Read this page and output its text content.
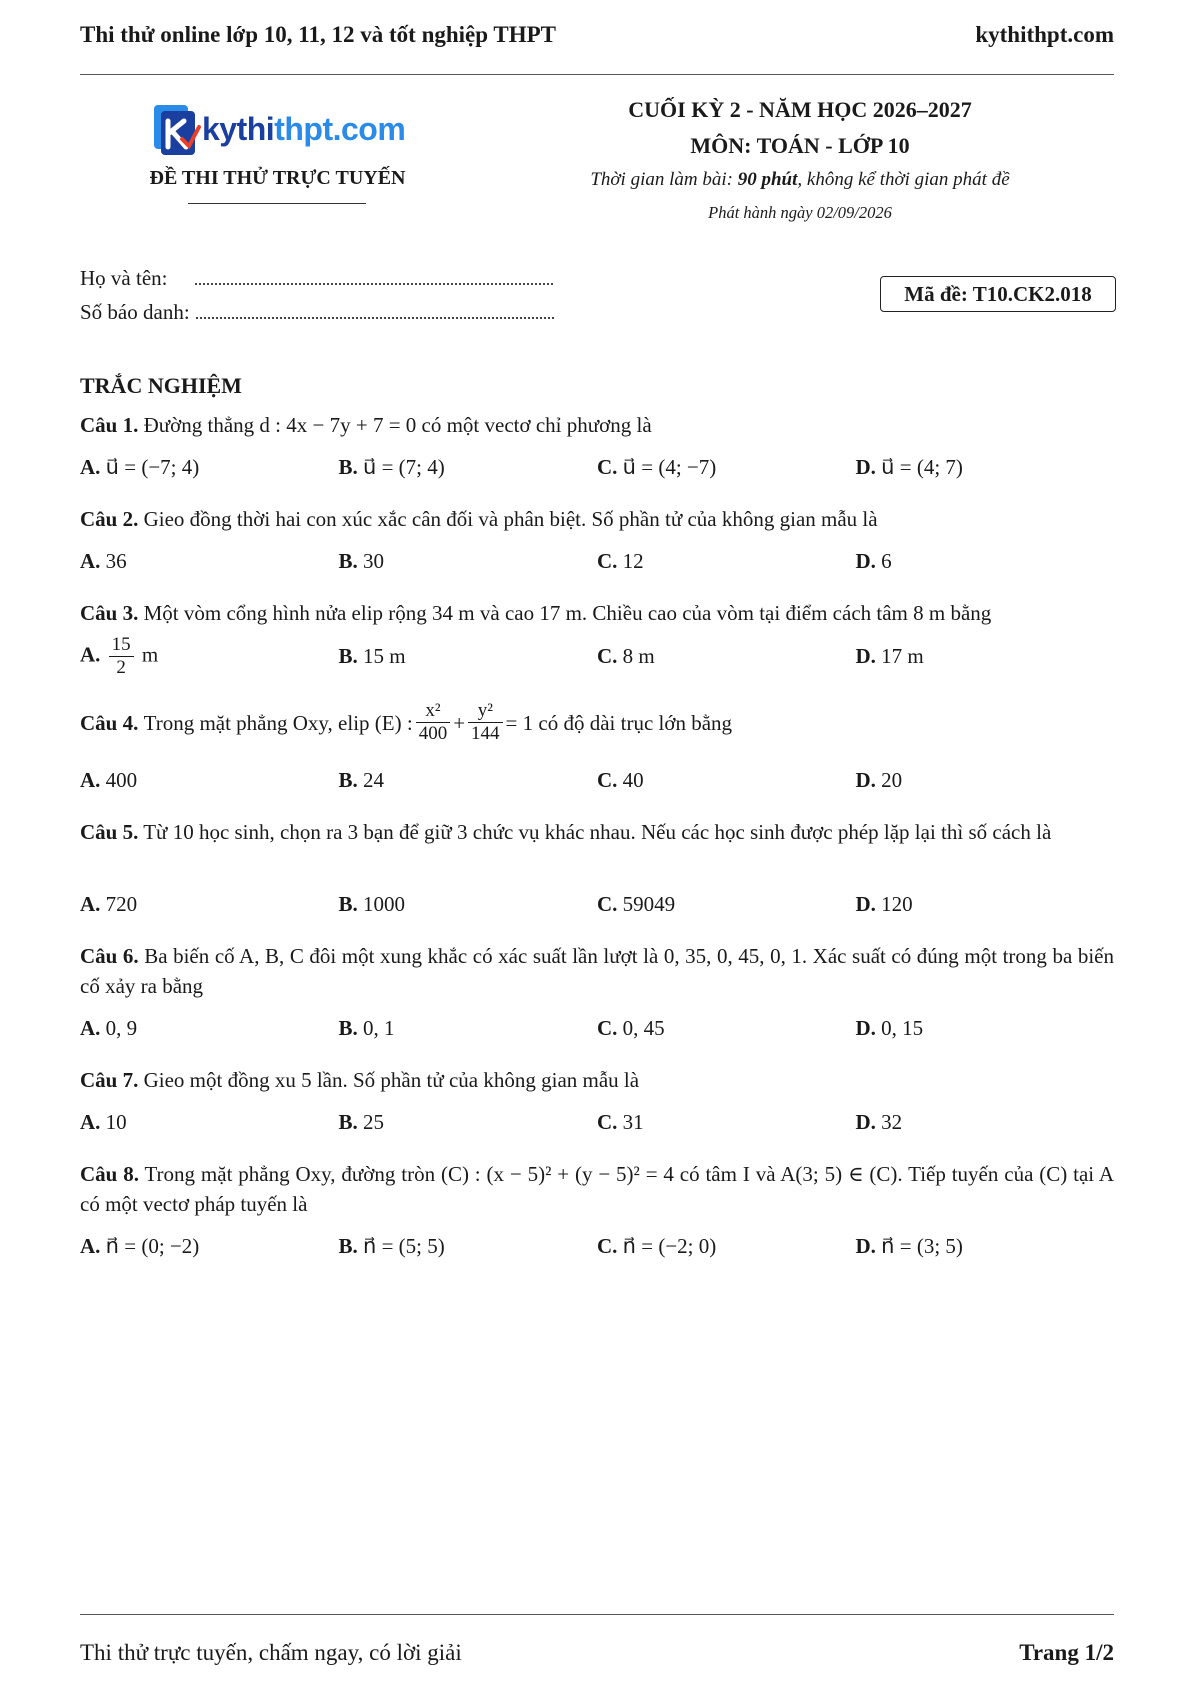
Thi thử online lớp 10, 11, 12 và tốt nghiệp THPT	kythithpt.com
kythithpt.com
ĐỀ THI THỬ TRỰC TUYẾN
CUỐI KỲ 2 - NĂM HỌC 2026–2027
MÔN: TOÁN - LỚP 10
Thời gian làm bài: 90 phút, không kể thời gian phát đề
Phát hành ngày 02/09/2026
Họ và tên:
Số báo danh:
Mã đề: T10.CK2.018
TRẮC NGHIỆM
Câu 1. Đường thẳng d : 4x − 7y + 7 = 0 có một vectơ chỉ phương là
A. u⃗ = (−7; 4)	B. u⃗ = (7; 4)	C. u⃗ = (4; −7)	D. u⃗ = (4; 7)
Câu 2. Gieo đồng thời hai con xúc xắc cân đối và phân biệt. Số phần tử của không gian mẫu là
A. 36	B. 30	C. 12	D. 6
Câu 3. Một vòm cổng hình nửa elip rộng 34 m và cao 17 m. Chiều cao của vòm tại điểm cách tâm 8 m bằng
A. $\frac{15}{2}$ m	B. 15 m	C. 8 m	D. 17 m
Câu 4.
Trong mặt phẳng Oxy, elip (E) : $\frac{\text{x²}}{400} + \frac{\text{y²}}{144} = 1$ có độ dài trục lớn bằng
A. 400	B. 24	C. 40	D. 20
Câu 5. Từ 10 học sinh, chọn ra 3 bạn để giữ 3 chức vụ khác nhau. Nếu các học sinh được phép lặp lại thì số cách là
A. 720	B. 1000	C. 59049	D. 120
Câu 6. Ba biến cố A, B, C đôi một xung khắc có xác suất lần lượt là 0, 35, 0, 45, 0, 1. Xác suất có đúng một trong ba biến cố xảy ra bằng
A. 0, 9	B. 0, 1	C. 0, 45	D. 0, 15
Câu 7. Gieo một đồng xu 5 lần. Số phần tử của không gian mẫu là
A. 10	B. 25	C. 31	D. 32
Câu 8. Trong mặt phẳng Oxy, đường tròn (C) : (x − 5)² + (y − 5)² = 4 có tâm I và A(3; 5) ∈ (C). Tiếp tuyến của (C) tại A có một vectơ pháp tuyến là
A. n⃗ = (0; −2)	B. n⃗ = (5; 5)	C. n⃗ = (−2; 0)	D. n⃗ = (3; 5)
Thi thử trực tuyến, chấm ngay, có lời giải	Trang 1/2
